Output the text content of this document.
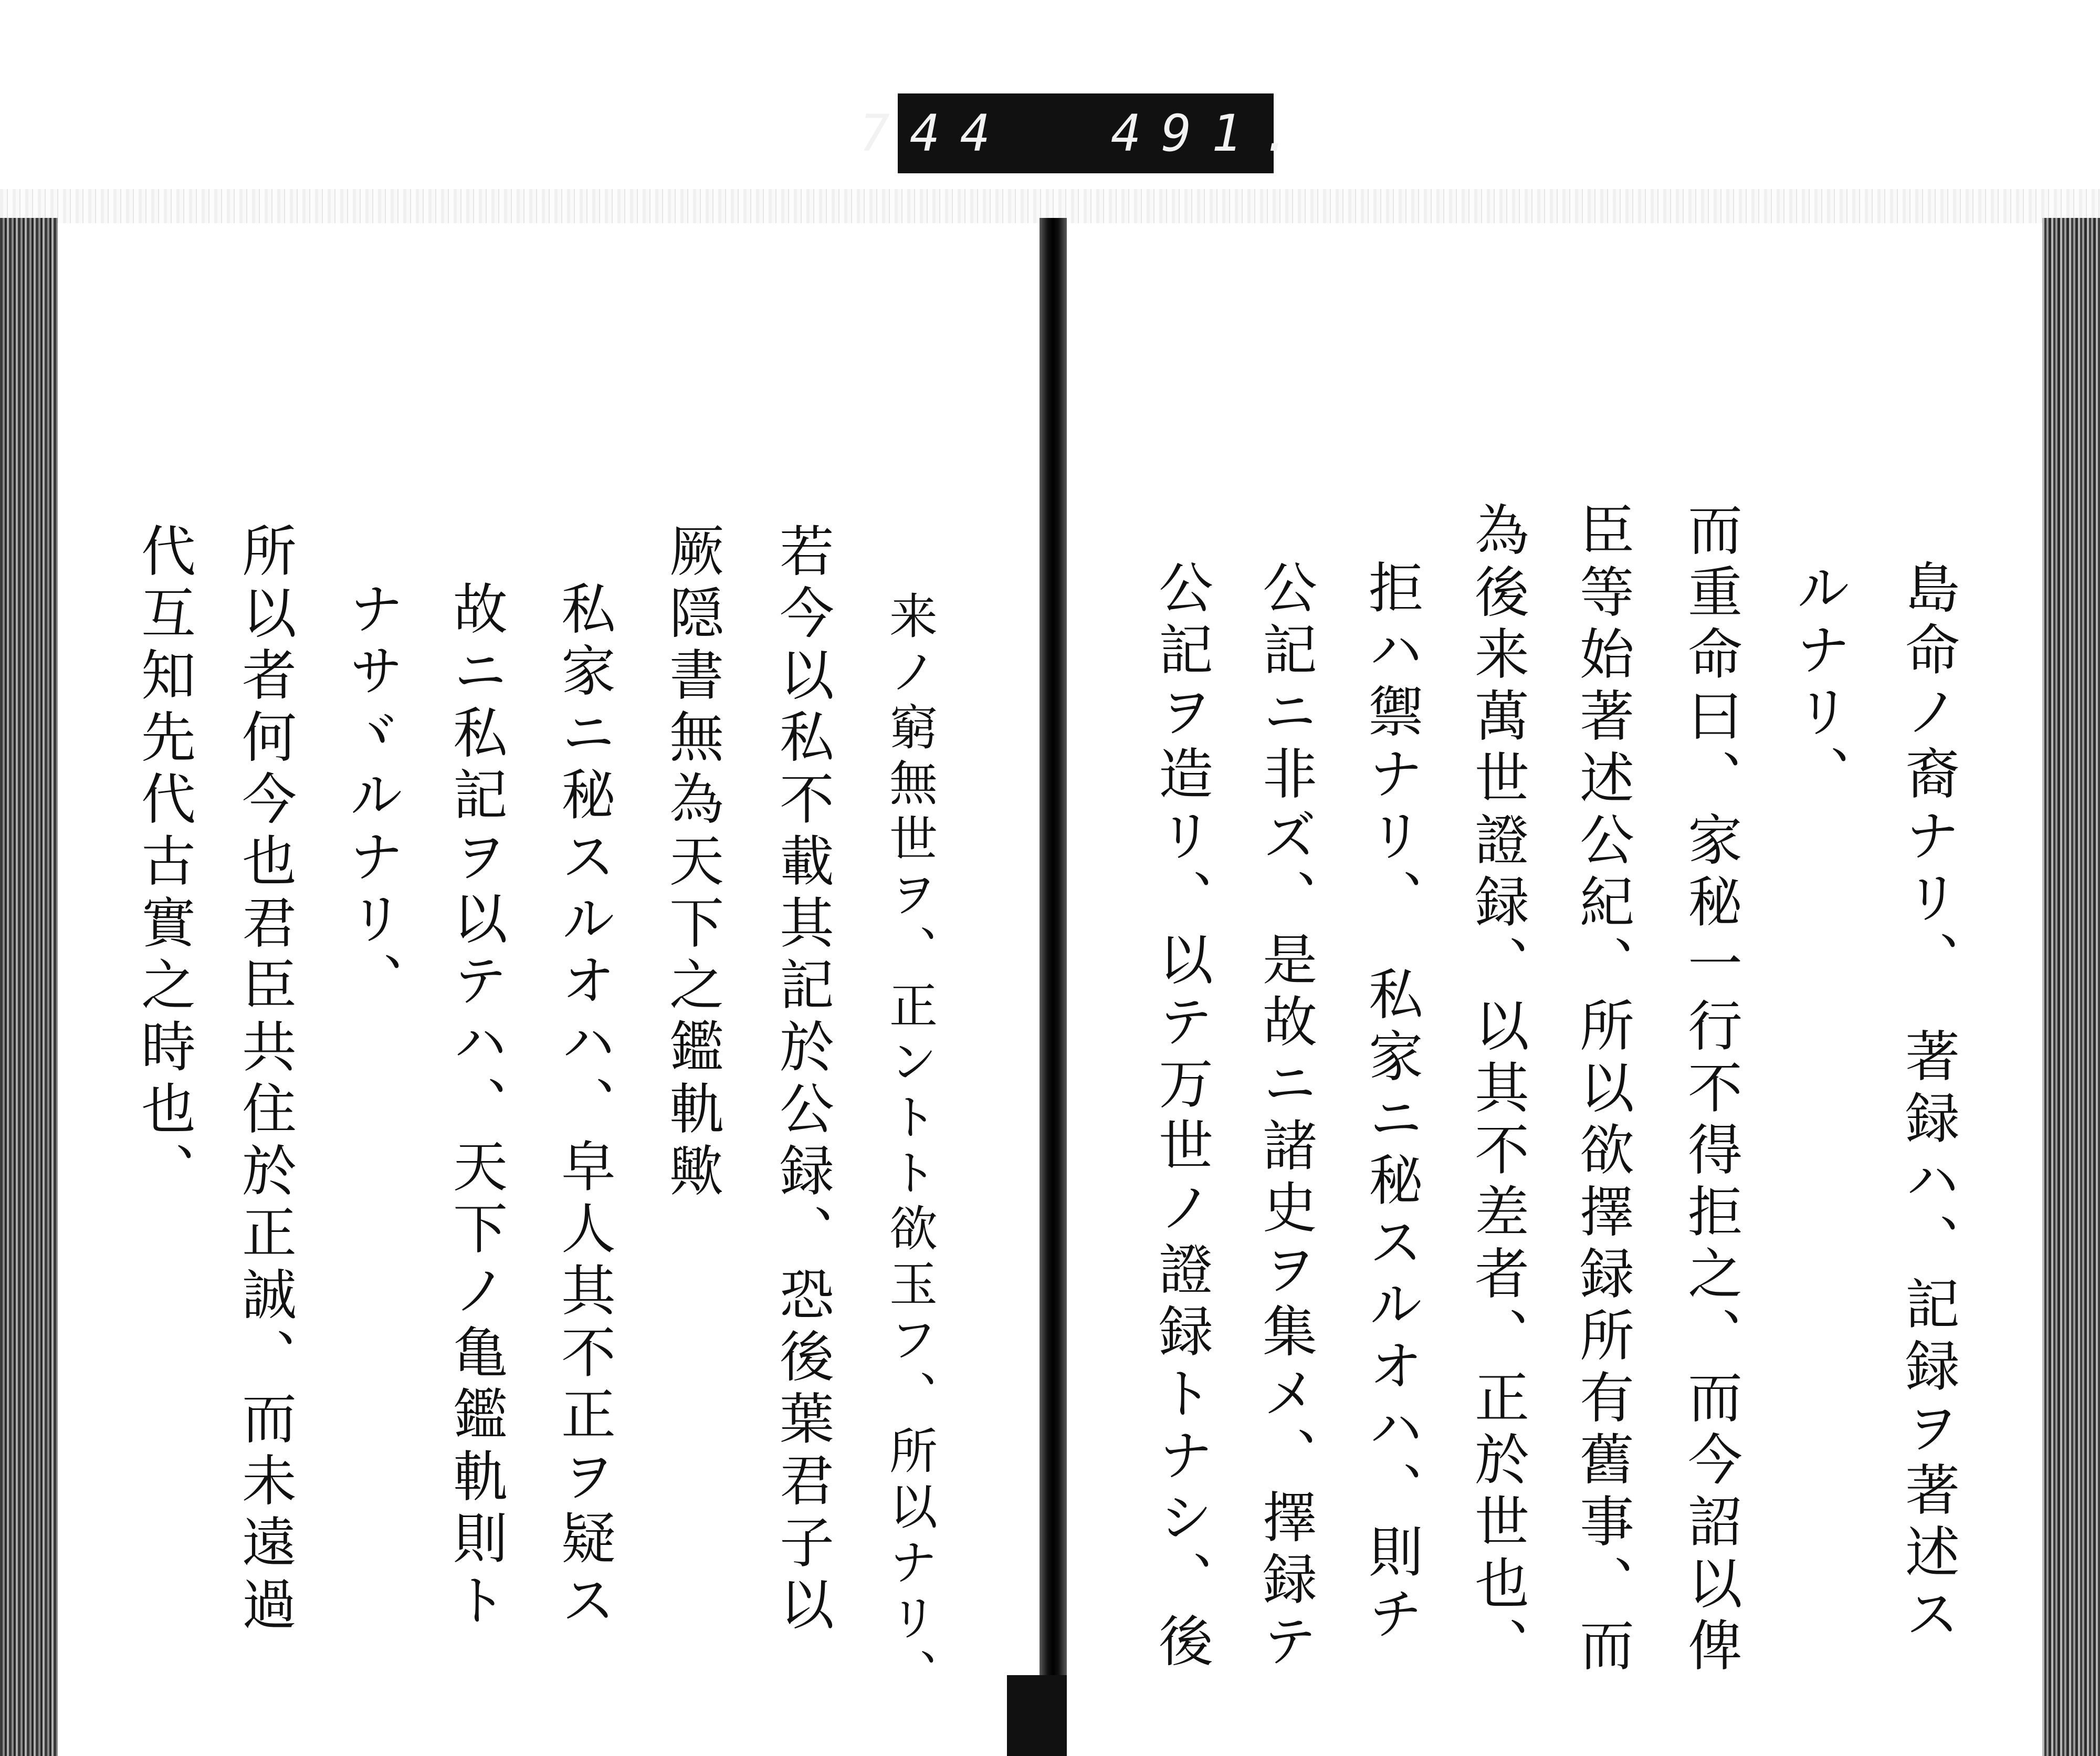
744  491.
来ノ窮無世ヲ、正ントト欲玉フ、所以ナリ、
若今以私不載其記於公録、恐後葉君子以
厥隠書無為天下之鑑軌歟
私家ニ秘スルオハ、皁人其不正ヲ疑ス
故ニ私記ヲ以テハ、天下ノ亀鑑軌則ト
ナサヾルナリ、
所以者何今也君臣共住於正誠、而未遠過
代互知先代古實之時也、	島命ノ裔ナリ、　著録ハ、記録ヲ著述ス
ルナリ、
而重命曰、家秘一行不得拒之、而今詔以俾
臣等始著述公紀、所以欲擇録所有舊事、而
為後来萬世證録、以其不差者、正於世也、
拒ハ禦ナリ、　私家ニ秘スルオハ、則チ
公記ニ非ズ、是故ニ諸史ヲ集メ、擇録テ
公記ヲ造リ、以テ万世ノ證録トナシ、後
